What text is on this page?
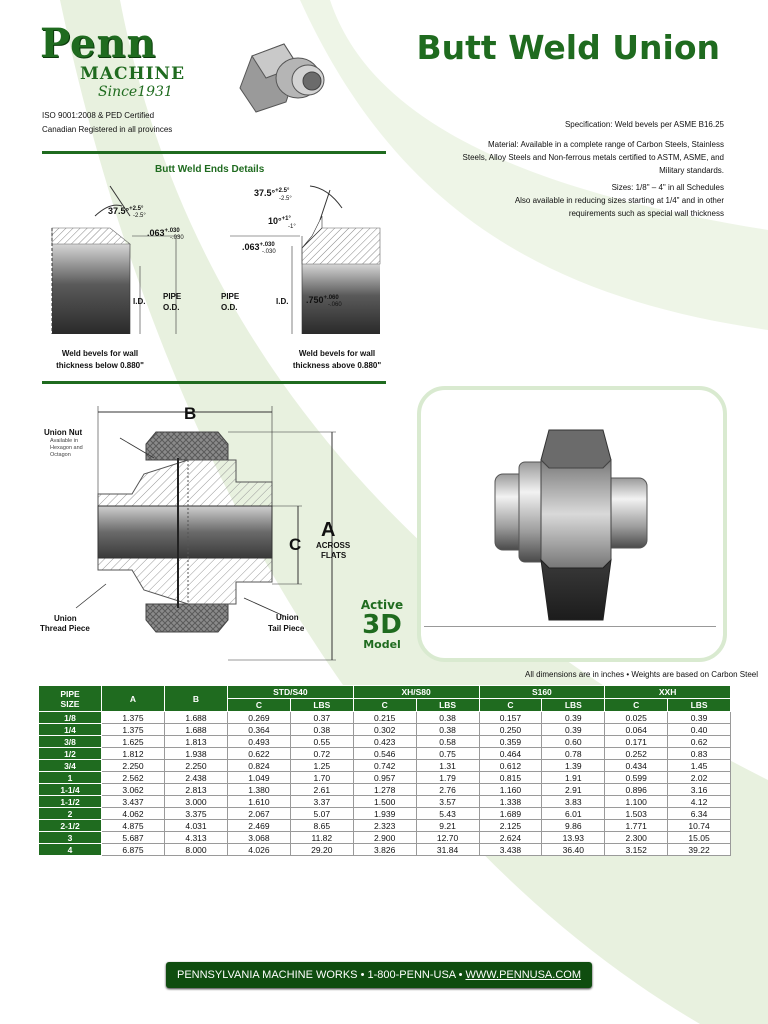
Penn
MACHINE
Since1931
ISO 9001:2008 & PED Certified
Canadian Registered in all provinces
Butt Weld Union
Specification: Weld bevels per ASME B16.25
Material: Available in a complete range of Carbon Steels, Stainless
Steels, Alloy Steels and Non-ferrous metals certified to ASTM, ASME, and
Military standards.
Sizes: 1/8" – 4" in all Schedules
Also available in reducing sizes starting at 1/4" and in other
requirements such as special wall thickness
Butt Weld Ends Details
37.5°$^{+2.5^\circ}$
-2.5°
$.063^{+.030}$
-.030
I.D.
PIPE
O.D.
37.5°$^{+2.5^\circ}$
-2.5°
10°$^{+1^\circ}$
-1°
$.063^{+.030}$
-.030
PIPE
O.D.
I.D. $.750^{+.060}$
-.060
Weld bevels for wall
thickness below 0.880"
Weld bevels for wall
thickness above 0.880"
B
A
ACROSS
FLATS
C
Union Nut
Available in
Hexagon and
Octagon
Union
Thread Piece
Union
Tail Piece
Active
3D
Model
All dimensions are in inches • Weights are based on Carbon Steel
PIPE
SIZE	A	B	STD/S40		XH/S80		S160		XXH	
			C	LBS	C	LBS	C	LBS	C	LBS
1/8	1.375	1.688	0.269	0.37	0.215	0.38	0.157	0.39	0.025	0.39
1/4	1.375	1.688	0.364	0.38	0.302	0.38	0.250	0.39	0.064	0.40
3/8	1.625	1.813	0.493	0.55	0.423	0.58	0.359	0.60	0.171	0.62
1/2	1.812	1.938	0.622	0.72	0.546	0.75	0.464	0.78	0.252	0.83
3/4	2.250	2.250	0.824	1.25	0.742	1.31	0.612	1.39	0.434	1.45
1	2.562	2.438	1.049	1.70	0.957	1.79	0.815	1.91	0.599	2.02
1-1/4	3.062	2.813	1.380	2.61	1.278	2.76	1.160	2.91	0.896	3.16
1-1/2	3.437	3.000	1.610	3.37	1.500	3.57	1.338	3.83	1.100	4.12
2	4.062	3.375	2.067	5.07	1.939	5.43	1.689	6.01	1.503	6.34
2-1/2	4.875	4.031	2.469	8.65	2.323	9.21	2.125	9.86	1.771	10.74
3	5.687	4.313	3.068	11.82	2.900	12.70	2.624	13.93	2.300	15.05
4	6.875	8.000	4.026	29.20	3.826	31.84	3.438	36.40	3.152	39.22
PENNSYLVANIA MACHINE WORKS • 1-800-PENN-USA • WWW.PENNUSA.COM
